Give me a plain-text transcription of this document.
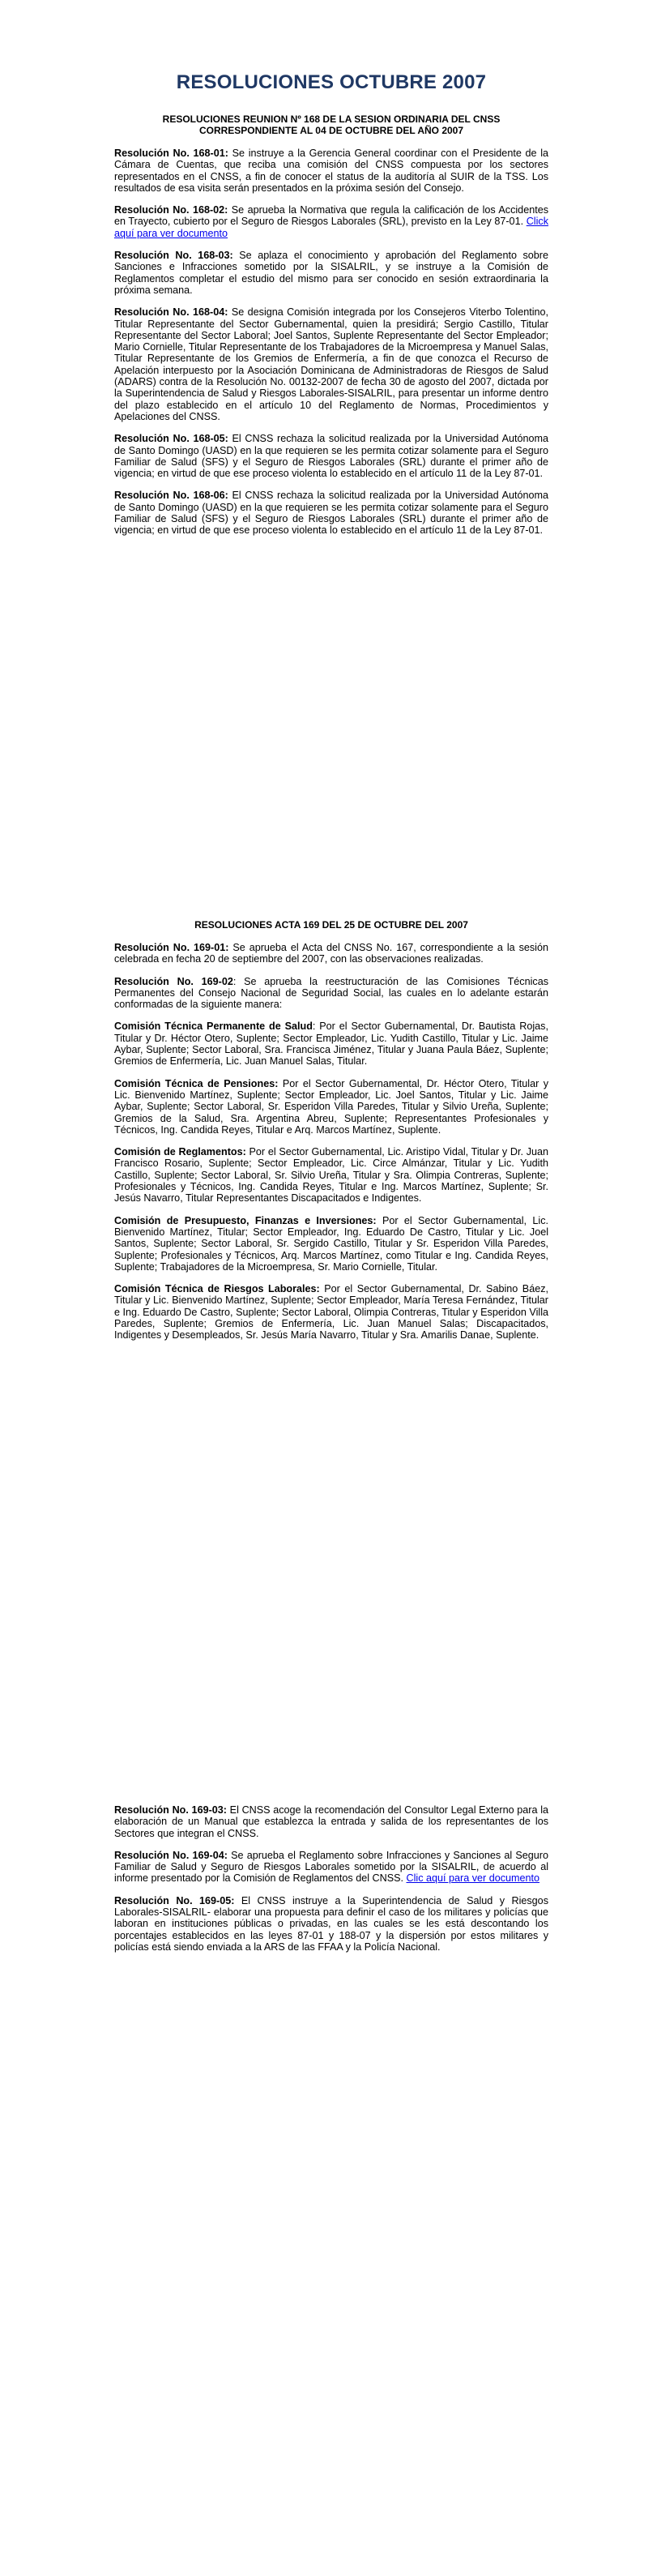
RESOLUCIONES OCTUBRE 2007

RESOLUCIONES REUNION Nº 168 DE LA SESION ORDINARIA DEL CNSS

CORRESPONDIENTE AL 04 DE OCTUBRE DEL AÑO 2007

Resolución No. 168-01: Se instruye a la Gerencia General coordinar con el Presidente de la Cámara de Cuentas, que reciba una comisión del CNSS compuesta por los sectores representados en el CNSS, a fin de conocer el status de la auditoría al SUIR de la TSS. Los resultados de esa visita serán presentados en la próxima sesión del Consejo.

Resolución No. 168-02: Se aprueba la Normativa que regula la calificación de los Accidentes en Trayecto, cubierto por el Seguro de Riesgos Laborales (SRL), previsto en la Ley 87-01. Click aquí para ver documento

Resolución No. 168-03: Se aplaza el conocimiento y aprobación del Reglamento sobre Sanciones e Infracciones sometido por la SISALRIL, y se instruye a la Comisión de Reglamentos completar el estudio del mismo para ser conocido en sesión extraordinaria la próxima semana.

Resolución No. 168-04: Se designa Comisión integrada por los Consejeros Viterbo Tolentino, Titular Representante del Sector Gubernamental, quien la presidirá; Sergio Castillo, Titular Representante del Sector Laboral; Joel Santos, Suplente Representante del Sector Empleador; Mario Cornielle, Titular Representante de los Trabajadores de la Microempresa y Manuel Salas, Titular Representante de los Gremios de Enfermería, a fin de que conozca el Recurso de Apelación interpuesto por la Asociación Dominicana de Administradoras de Riesgos de Salud (ADARS) contra de la Resolución No. 00132-2007 de fecha 30 de agosto del 2007, dictada por la Superintendencia de Salud y Riesgos Laborales-SISALRIL, para presentar un informe dentro del plazo establecido en el artículo 10 del Reglamento de Normas, Procedimientos y Apelaciones del CNSS.

Resolución No. 168-05: El CNSS rechaza la solicitud realizada por la Universidad Autónoma de Santo Domingo (UASD) en la que requieren se les permita cotizar solamente para el Seguro Familiar de Salud (SFS) y el Seguro de Riesgos Laborales (SRL) durante el primer año de vigencia; en virtud de que ese proceso violenta lo establecido en el artículo 11 de la Ley 87-01.

Resolución No. 168-06: El CNSS rechaza la solicitud realizada por la Universidad Autónoma de Santo Domingo (UASD) en la que requieren se les permita cotizar solamente para el Seguro Familiar de Salud (SFS) y el Seguro de Riesgos Laborales (SRL) durante el primer año de vigencia; en virtud de que ese proceso violenta lo establecido en el artículo 11 de la Ley 87-01.

RESOLUCIONES ACTA 169 DEL 25 DE OCTUBRE DEL 2007

Resolución No. 169-01: Se aprueba el Acta del CNSS No. 167, correspondiente a la sesión celebrada en fecha 20 de septiembre del 2007, con las observaciones realizadas.

Resolución No. 169-02: Se aprueba la reestructuración de las Comisiones Técnicas Permanentes del Consejo Nacional de Seguridad Social, las cuales en lo adelante estarán conformadas de la siguiente manera:

Comisión Técnica Permanente de Salud: Por el Sector Gubernamental, Dr. Bautista Rojas, Titular y Dr. Héctor Otero, Suplente; Sector Empleador, Lic. Yudith Castillo, Titular y Lic. Jaime Aybar, Suplente; Sector Laboral, Sra. Francisca Jiménez, Titular y Juana Paula Báez, Suplente; Gremios de Enfermería, Lic. Juan Manuel Salas, Titular.

Comisión Técnica de Pensiones: Por el Sector Gubernamental, Dr. Héctor Otero, Titular y Lic. Bienvenido Martínez, Suplente; Sector Empleador, Lic. Joel Santos, Titular y Lic. Jaime Aybar, Suplente; Sector Laboral, Sr. Esperidon Villa Paredes, Titular y Silvio Ureña, Suplente; Gremios de la Salud, Sra. Argentina Abreu, Suplente; Representantes Profesionales y Técnicos, Ing. Candida Reyes, Titular e Arq. Marcos Martínez, Suplente.

Comisión de Reglamentos: Por el Sector Gubernamental, Lic. Aristipo Vidal, Titular y Dr. Juan Francisco Rosario, Suplente; Sector Empleador, Lic. Circe Almánzar, Titular y Lic. Yudith Castillo, Suplente; Sector Laboral, Sr. Silvio Ureña, Titular y Sra. Olimpia Contreras, Suplente; Profesionales y Técnicos, Ing. Candida Reyes, Titular e Ing. Marcos Martínez, Suplente; Sr. Jesús Navarro, Titular Representantes Discapacitados e Indigentes.

Comisión de Presupuesto, Finanzas e Inversiones: Por el Sector Gubernamental, Lic. Bienvenido Martínez, Titular; Sector Empleador, Ing. Eduardo De Castro, Titular y Lic. Joel Santos, Suplente; Sector Laboral, Sr. Sergido Castillo, Titular y Sr. Esperidon Villa Paredes, Suplente; Profesionales y Técnicos, Arq. Marcos Martínez, como Titular e Ing. Candida Reyes, Suplente; Trabajadores de la Microempresa, Sr. Mario Cornielle, Titular.

Comisión Técnica de Riesgos Laborales: Por el Sector Gubernamental, Dr. Sabino Báez, Titular y Lic. Bienvenido Martínez, Suplente; Sector Empleador, María Teresa Fernández, Titular e Ing. Eduardo De Castro, Suplente; Sector Laboral, Olimpia Contreras, Titular y Esperidon Villa Paredes, Suplente; Gremios de Enfermería, Lic. Juan Manuel Salas; Discapacitados, Indigentes y Desempleados, Sr. Jesús María Navarro, Titular y Sra. Amarilis Danae, Suplente.

Resolución No. 169-03: El CNSS acoge la recomendación del Consultor Legal Externo para la elaboración de un Manual que establezca la entrada y salida de los representantes de los Sectores que integran el CNSS.

Resolución No. 169-04: Se aprueba el Reglamento sobre Infracciones y Sanciones al Seguro Familiar de Salud y Seguro de Riesgos Laborales sometido por la SISALRIL, de acuerdo al informe presentado por la Comisión de Reglamentos del CNSS. Clic aquí para ver documento

Resolución No. 169-05: El CNSS instruye a la Superintendencia de Salud y Riesgos Laborales-SISALRIL- elaborar una propuesta para definir el caso de los militares y policías que laboran en instituciones públicas o privadas, en las cuales se les está descontando los porcentajes establecidos en las leyes 87-01 y 188-07 y la dispersión por estos militares y policías está siendo enviada a la ARS de las FFAA y la Policía Nacional.
